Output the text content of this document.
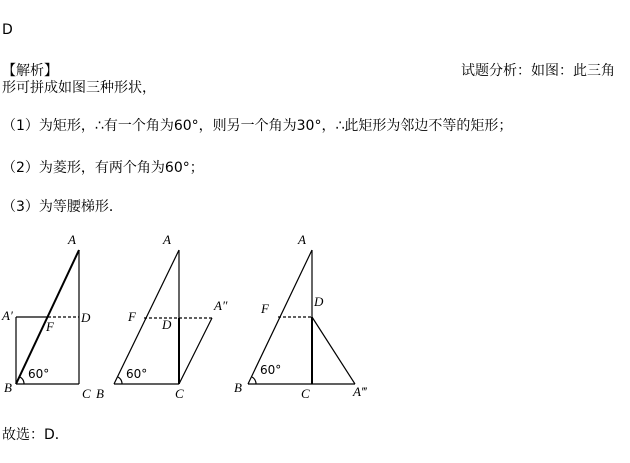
D
【解析】	试题分析：如图：此三角
形可拼成如图三种形状，
（1）为矩形，∴有一个角为60°，则另一个角为30°，∴此矩形为邻边不等的矩形；
（2）为菱形，有两个角为60°；
（3）为等腰梯形．
A
A′
F
D
B	C
60°
A
F
D
A″
B	C
60°
A
F	D
B	C	A‴
60°
故选：D．
